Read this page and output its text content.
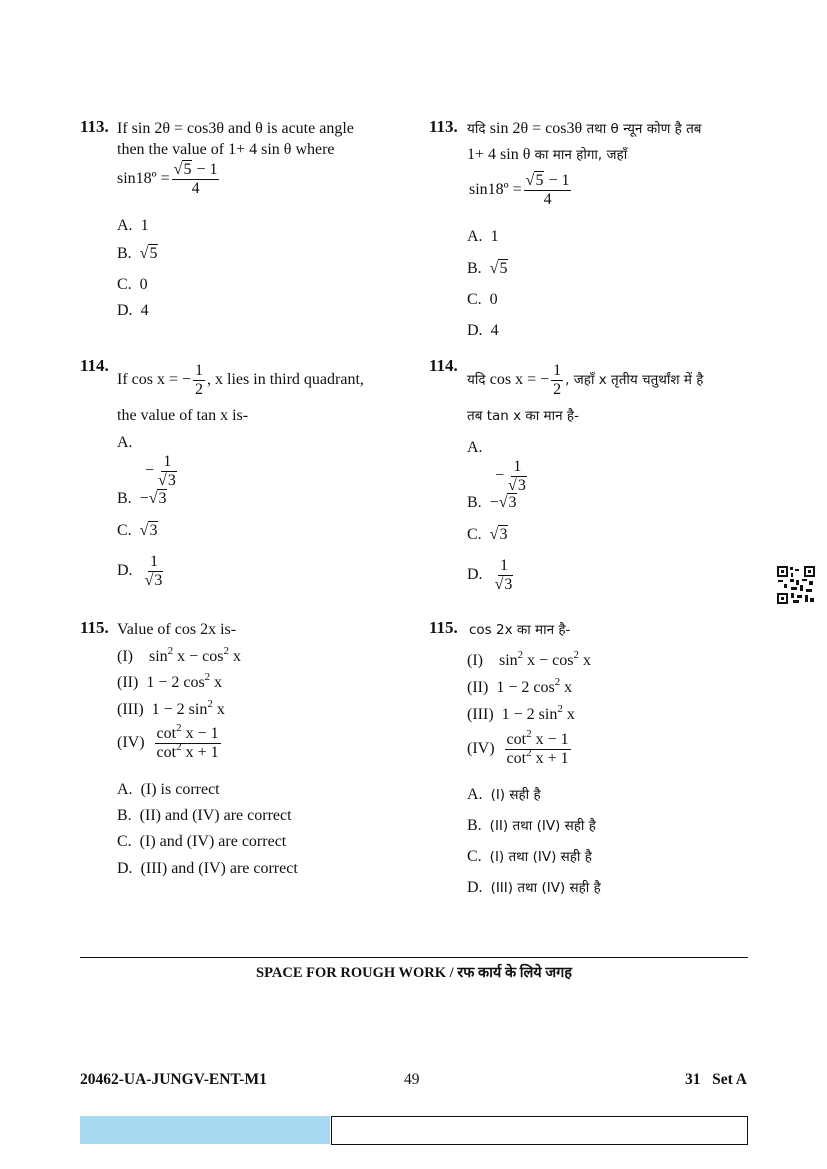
113. If sin 2θ = cos3θ and θ is acute angle
then the value of 1+ 4 sin θ where
sin18º = $\frac{√5 - 1}{4}$
A. 1
B. √5
C. 0
D. 4
113. यदि sin 2θ = cos3θ तथा θ न्यून कोण है तब
1+ 4 sin θ का मान होगा, जहाँ
sin18º = $\frac{√5 - 1}{4}$
A. 1
B. √5
C. 0
D. 4
114.
If cos x = − $\frac{1}{2}$ , x lies in third quadrant,
the value of tan x is-
A.
− $\frac{1}{√3}$
B. −√3
C. √3
D. $\frac{1}{√3}$
114.
यदि cos x = − $\frac{1}{2}$ , जहाँ x तृतीय चतुर्थांश में है
तब tan x का मान है-
A.
− $\frac{1}{√3}$
B. −√3
C. √3
D. $\frac{1}{√3}$
115. Value of cos 2x is-
(I) $\sin^2 x - \cos^2 x$
(II) 1 − 2 $\cos^2 x$
(III) 1 − 2 $\sin^2 x$
$(IV) \frac{\cot^2 x - 1}{\cot^2 x + 1}$
A. (I) is correct
B. (II) and (IV) are correct
C. (I) and (IV) are correct
D. (III) and (IV) are correct
115. cos 2x का मान है-
(I) $\sin^2 x - \cos^2 x$
(II) 1 − 2 $\cos^2 x$
(III) 1 − 2 $\sin^2 x$
$(IV) \frac{\cot^2 x - 1}{\cot^2 x + 1}$
A. (I) सही है
B. (II) तथा (IV) सही है
C. (I) तथा (IV) सही है
D. (III) तथा (IV) सही है
SPACE FOR ROUGH WORK / रफ कार्य के लिये जगह
20462-UA-JUNGV-ENT-M1	49	31   Set A
